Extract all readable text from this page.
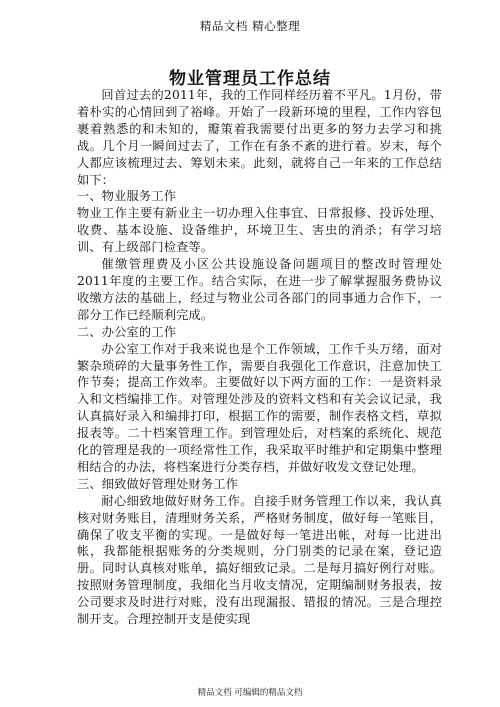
精品文档 精心整理
物业管理员工作总结

回首过去的2011年，我的工作同样经历着不平凡。1月份，带着朴实的心情回到了裕峰。开始了一段新环境的里程，工作内容包裹着熟悉的和未知的，瓣策着我需要付出更多的努力去学习和挑战。几个月一瞬间过去了，工作在有条不紊的进行着。岁末，每个人都应该梳理过去、筹划未来。此刻，就将自己一年来的工作总结如下：

一、物业服务工作

物业工作主要有新业主一切办理入住事宜、日常报修、投诉处理、收费、基本设施、设备维护，环境卫生、害虫的消杀；有学习培训、有上级部门检查等。

催缴管理费及小区公共设施设备问题项目的整改时管理处2011年度的主要工作。结合实际，在进一步了解掌握服务费协议收缴方法的基础上，经过与物业公司各部门的同事通力合作下，一部分工作已经顺利完成。

二、办公室的工作

办公室工作对于我来说也是个工作领域，工作千头万绪，面对繁杂琐碎的大量事务性工作，需要自我强化工作意识，注意加快工作节奏；提高工作效率。主要做好以下两方面的工作：一是资料录入和文档编排工作。对管理处涉及的资料文档和有关会议记录，我认真搞好录入和编排打印，根据工作的需要，制作表格文档，草拟报表等。二十档案管理工作。到管理处后，对档案的系统化、规范化的管理是我的一项经常性工作，我采取平时维护和定期集中整理相结合的办法，将档案进行分类存档，并做好收发文登记处理。

三、细致做好管理处财务工作

耐心细致地做好财务工作。自接手财务管理工作以来，我认真核对财务账目，清理财务关系，严格财务制度，做好每一笔账目，确保了收支平衡的实现。一是做好每一笔进出帐，对每一比进出帐，我都能根据账务的分类规则，分门别类的记录在案，登记造册。同时认真核对账单，搞好细致记录。二是每月搞好例行对账。按照财务管理制度，我细化当月收支情况，定期编制财务报表，按公司要求及时进行对账，没有出现漏报、错报的情况。三是合理控制开支。合理控制开支是使实现

精品文档 可编辑的精品文档
